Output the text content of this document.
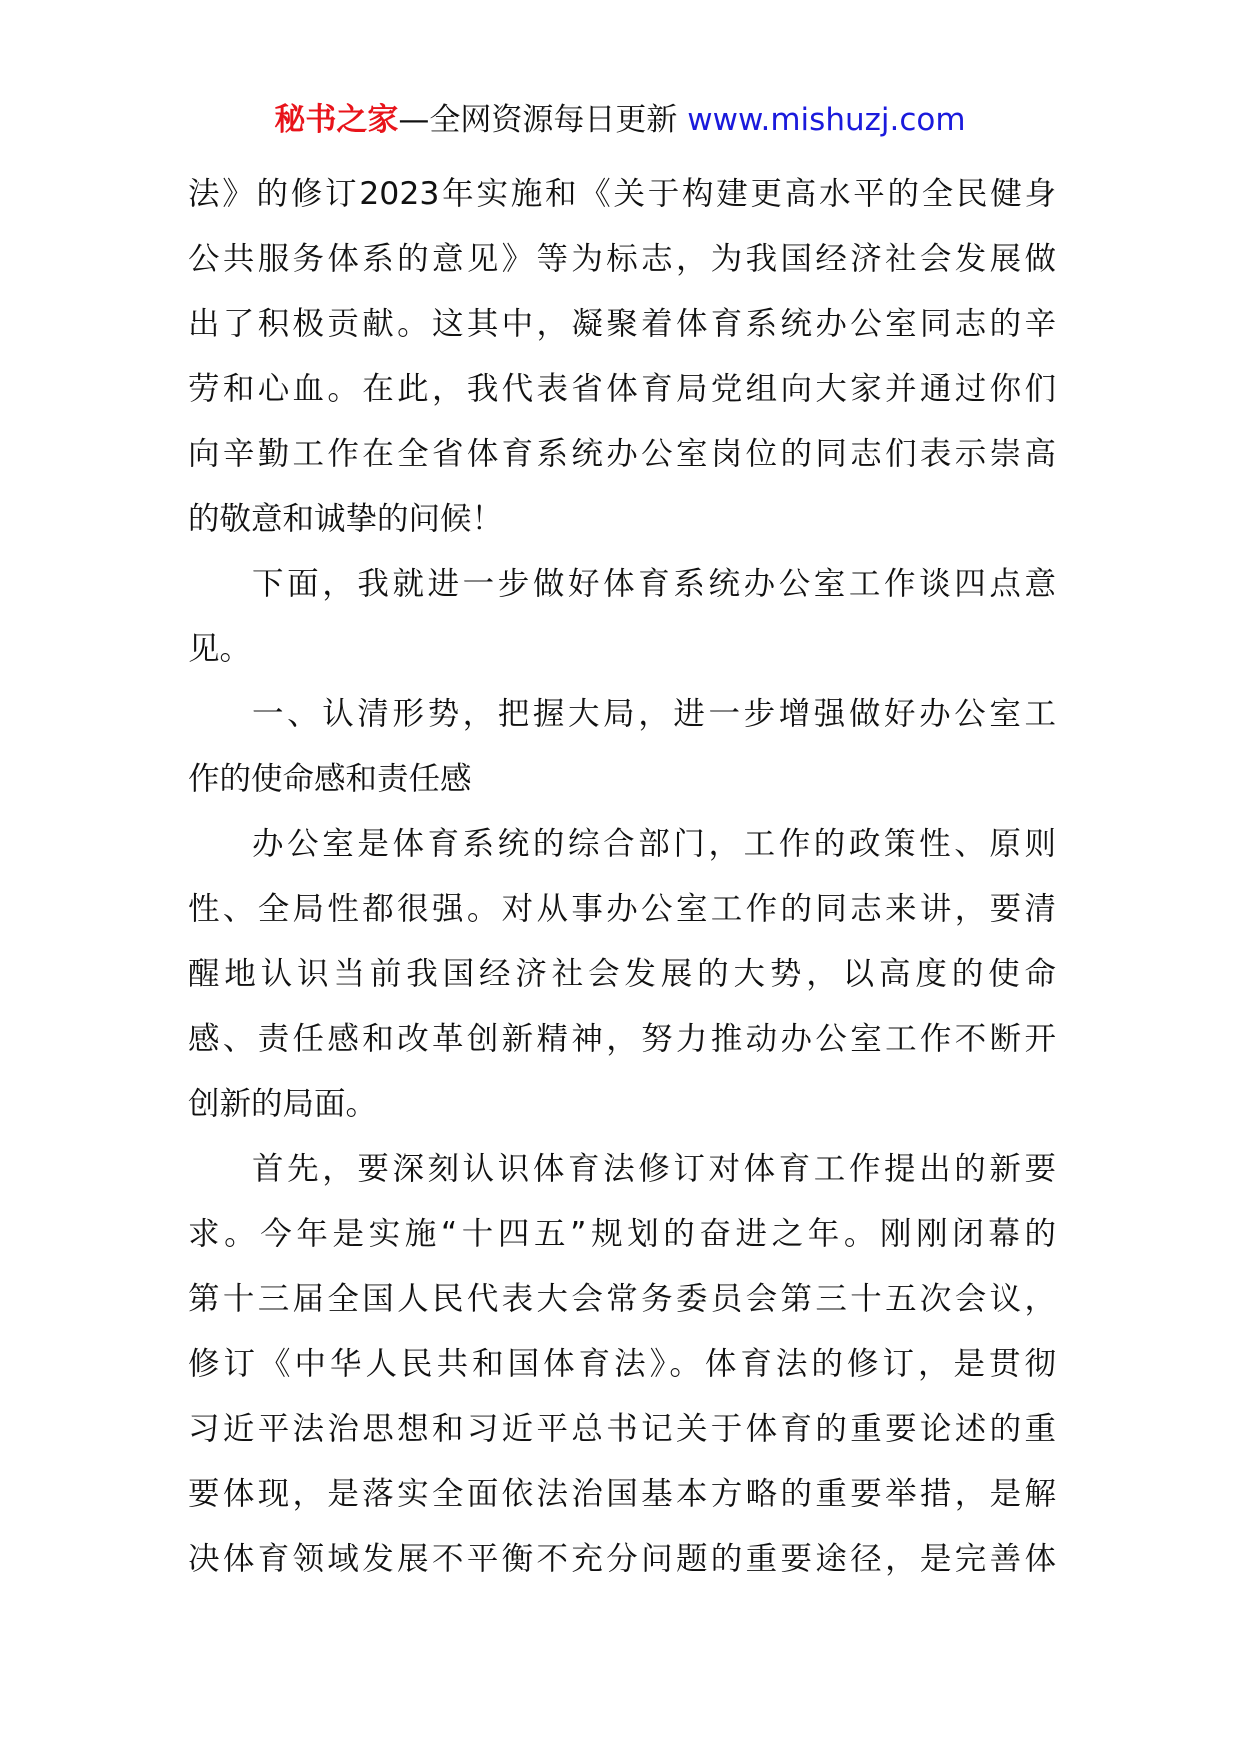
秘书之家—全网资源每日更新 www.mishuzj.com
法》的修订2023年实施和《关于构建更高水平的全民健身
公共服务体系的意见》等为标志，为我国经济社会发展做
出了积极贡献。这其中，凝聚着体育系统办公室同志的辛
劳和心血。在此，我代表省体育局党组向大家并通过你们
向辛勤工作在全省体育系统办公室岗位的同志们表示崇高
的敬意和诚挚的问候！
下面，我就进一步做好体育系统办公室工作谈四点意
见。
一、认清形势，把握大局，进一步增强做好办公室工
作的使命感和责任感
办公室是体育系统的综合部门，工作的政策性、原则
性、全局性都很强。对从事办公室工作的同志来讲，要清
醒地认识当前我国经济社会发展的大势，以高度的使命
感、责任感和改革创新精神，努力推动办公室工作不断开
创新的局面。
首先，要深刻认识体育法修订对体育工作提出的新要
求。今年是实施“十四五”规划的奋进之年。刚刚闭幕的
第十三届全国人民代表大会常务委员会第三十五次会议，
修订《中华人民共和国体育法》。体育法的修订，是贯彻
习近平法治思想和习近平总书记关于体育的重要论述的重
要体现，是落实全面依法治国基本方略的重要举措，是解
决体育领域发展不平衡不充分问题的重要途径，是完善体
